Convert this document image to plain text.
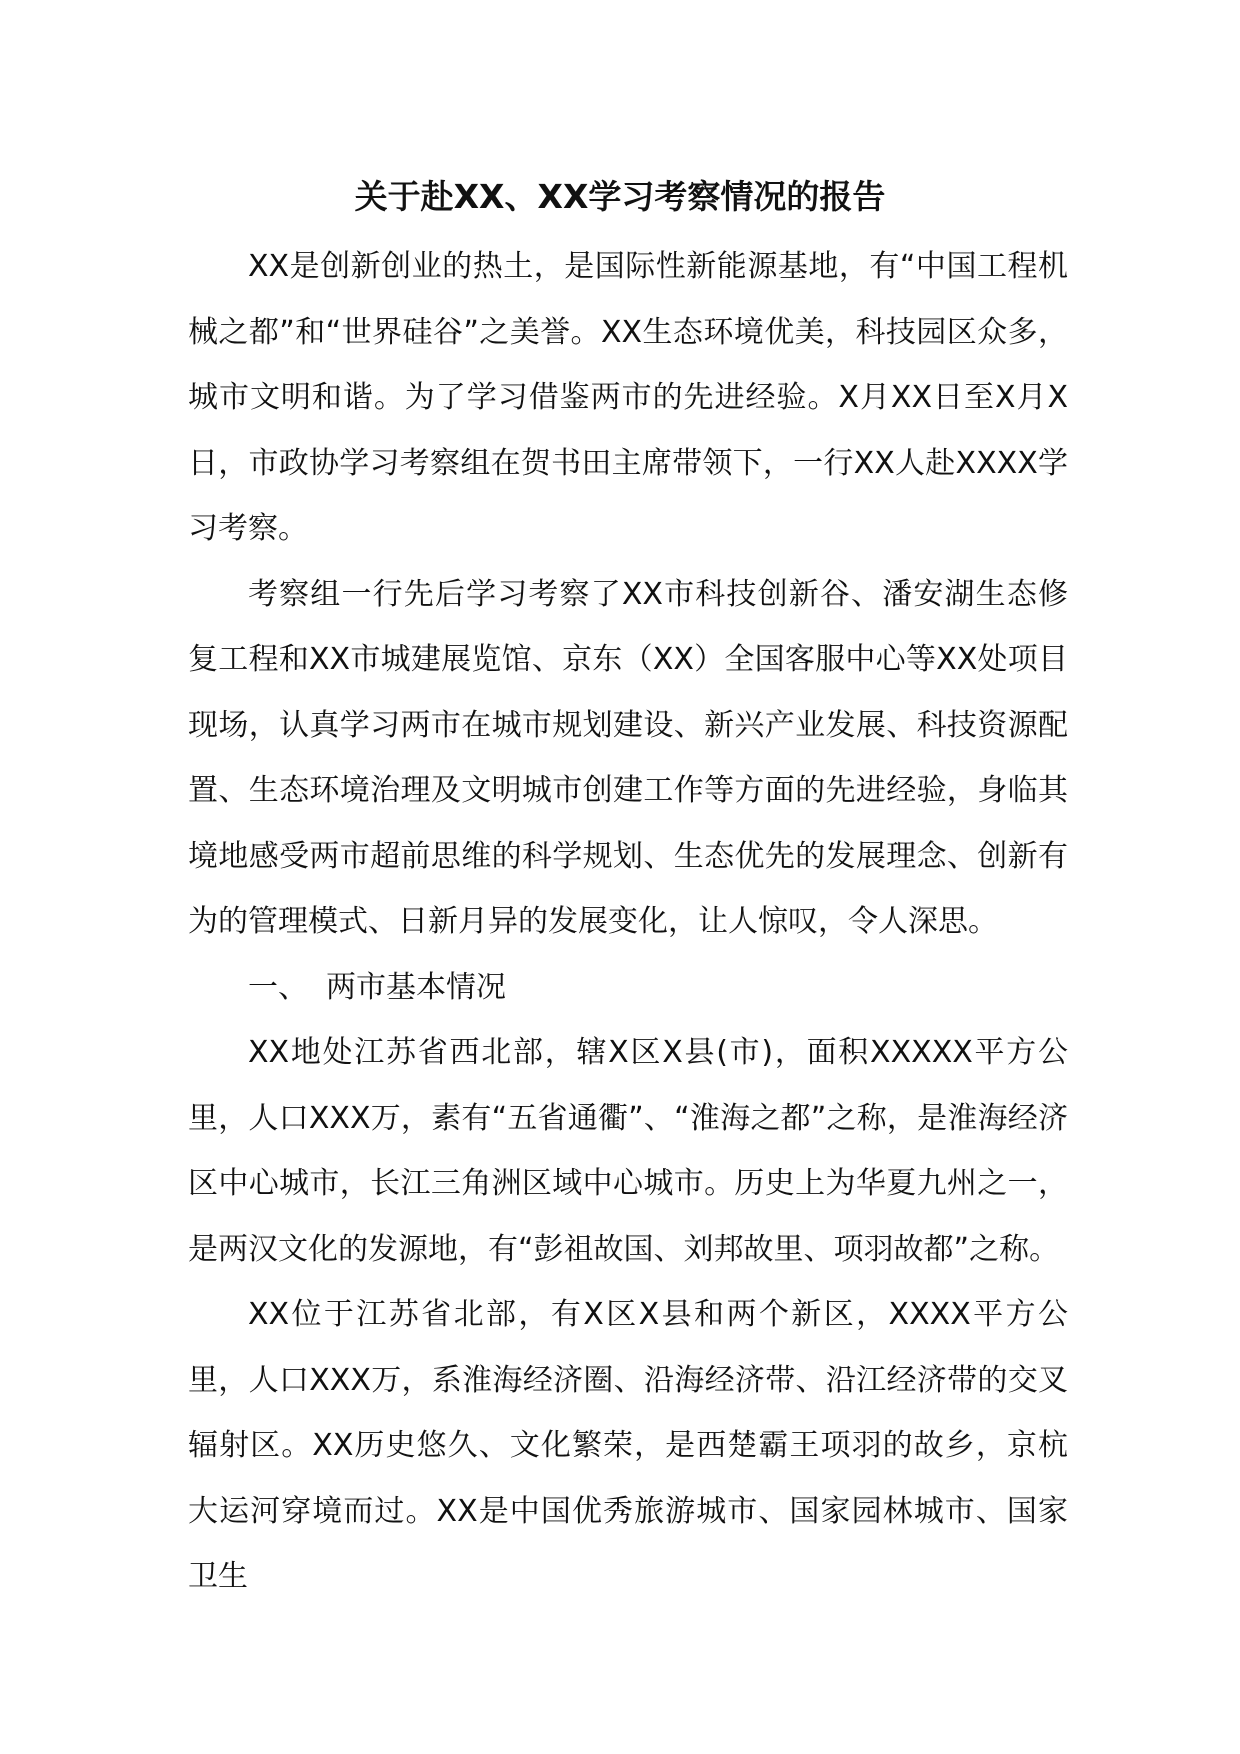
关于赴XX、XX学习考察情况的报告

XX是创新创业的热土，是国际性新能源基地，有“中国工程机械之都”和“世界硅谷”之美誉。XX生态环境优美，科技园区众多，城市文明和谐。为了学习借鉴两市的先进经验。X月XX日至X月X日，市政协学习考察组在贺书田主席带领下，一行XX人赴XXXX学习考察。

考察组一行先后学习考察了XX市科技创新谷、潘安湖生态修复工程和XX市城建展览馆、京东（XX）全国客服中心等XX处项目现场，认真学习两市在城市规划建设、新兴产业发展、科技资源配置、生态环境治理及文明城市创建工作等方面的先进经验，身临其境地感受两市超前思维的科学规划、生态优先的发展理念、创新有为的管理模式、日新月异的发展变化，让人惊叹，令人深思。

一、 两市基本情况

XX地处江苏省西北部，辖X区X县(市)，面积XXXXX平方公里，人口XXX万，素有“五省通衢”、“淮海之都”之称，是淮海经济区中心城市，长江三角洲区域中心城市。历史上为华夏九州之一，是两汉文化的发源地，有“彭祖故国、刘邦故里、项羽故都”之称。

XX位于江苏省北部，有X区X县和两个新区，XXXX平方公里，人口XXX万，系淮海经济圈、沿海经济带、沿江经济带的交叉辐射区。XX历史悠久、文化繁荣，是西楚霸王项羽的故乡，京杭大运河穿境而过。XX是中国优秀旅游城市、国家园林城市、国家卫生
